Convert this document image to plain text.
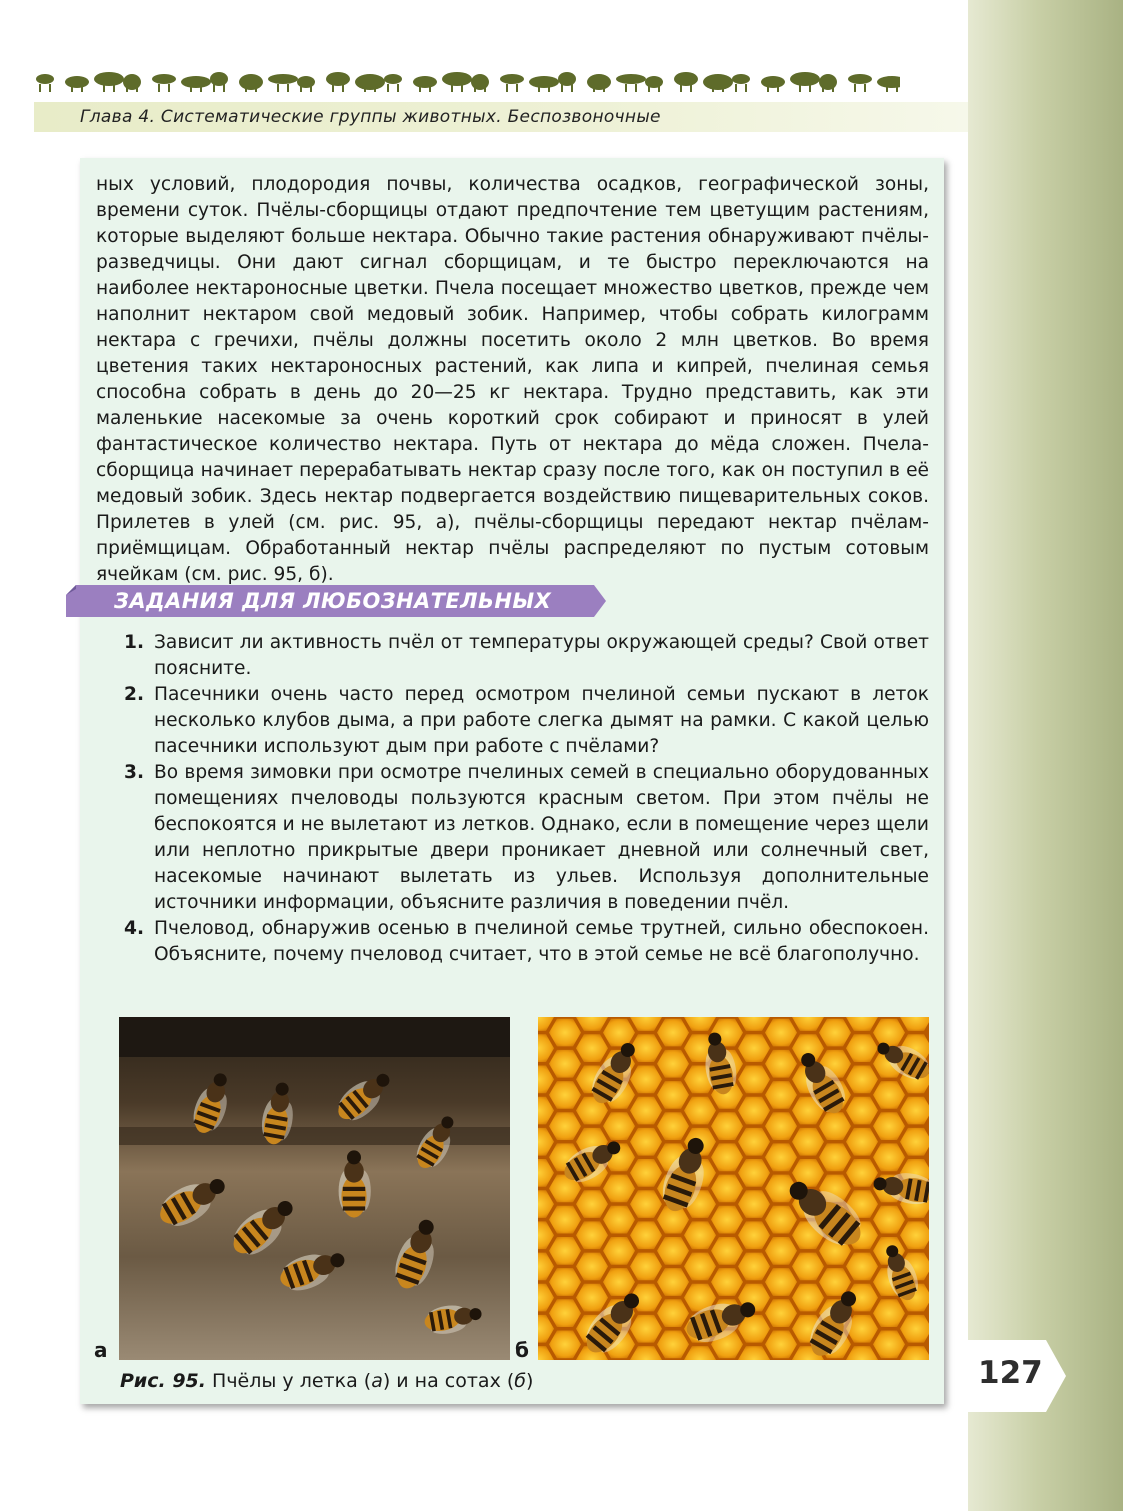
Глава 4. Систематические группы животных. Беспозвоночные

ных условий, плодородия почвы, количества осадков, географической зоны, времени суток. Пчёлы-сборщицы отдают предпочтение тем цветущим растениям, которые выделяют больше нектара. Обычно такие растения обнаруживают пчёлы-разведчицы. Они дают сигнал сборщицам, и те быстро переключаются на наиболее нектароносные цветки. Пчела посещает множество цветков, прежде чем наполнит нектаром свой медовый зобик. Например, чтобы собрать килограмм нектара с гречихи, пчёлы должны посетить около 2 млн цветков. Во время цветения таких нектароносных растений, как липа и кипрей, пчелиная семья способна собрать в день до 20—25 кг нектара. Трудно представить, как эти маленькие насекомые за очень короткий срок собирают и приносят в улей фантастическое количество нектара. Путь от нектара до мёда сложен. Пчела-сборщица начинает перерабатывать нектар сразу после того, как он поступил в её медовый зобик. Здесь нектар подвергается воздействию пищеварительных соков. Прилетев в улей (см. рис. 95, а), пчёлы-сборщицы передают нектар пчёлам-приёмщицам. Обработанный нектар пчёлы распределяют по пустым сотовым ячейкам (см. рис. 95, б).

ЗАДАНИЯ ДЛЯ ЛЮБОЗНАТЕЛЬНЫХ
1. Зависит ли активность пчёл от температуры окружающей среды? Свой ответ поясните.
2. Пасечники очень часто перед осмотром пчелиной семьи пускают в леток несколько клубов дыма, а при работе слегка дымят на рамки. С какой целью пасечники используют дым при работе с пчёлами?
3. Во время зимовки при осмотре пчелиных семей в специально оборудованных помещениях пчеловоды пользуются красным светом. При этом пчёлы не беспокоятся и не вылетают из летков. Однако, если в помещение через щели или неплотно прикрытые двери проникает дневной или солнечный свет, насекомые начинают вылетать из ульев. Используя дополнительные источники информации, объясните различия в поведении пчёл.
4. Пчеловод, обнаружив осенью в пчелиной семье трутней, сильно обеспокоен. Объясните, почему пчеловод считает, что в этой семье не всё благополучно.
а	б
Рис. 95. Пчёлы у летка (а) и на сотах (б)	127
